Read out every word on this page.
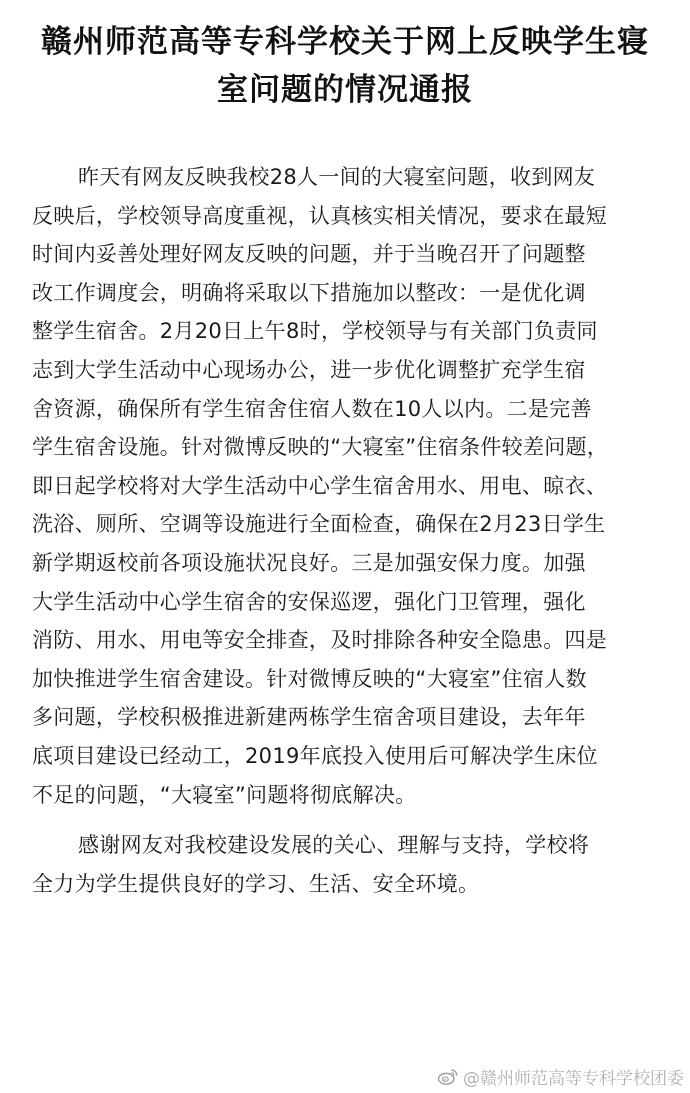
赣州师范高等专科学校关于网上反映学生寝
室问题的情况通报
昨天有网友反映我校28人一间的大寝室问题，收到网友
反映后，学校领导高度重视，认真核实相关情况，要求在最短
时间内妥善处理好网友反映的问题，并于当晚召开了问题整
改工作调度会，明确将采取以下措施加以整改：一是优化调
整学生宿舍。2月20日上午8时，学校领导与有关部门负责同
志到大学生活动中心现场办公，进一步优化调整扩充学生宿
舍资源，确保所有学生宿舍住宿人数在10人以内。二是完善
学生宿舍设施。针对微博反映的“大寝室”住宿条件较差问题，
即日起学校将对大学生活动中心学生宿舍用水、用电、晾衣、
洗浴、厕所、空调等设施进行全面检查，确保在2月23日学生
新学期返校前各项设施状况良好。三是加强安保力度。加强
大学生活动中心学生宿舍的安保巡逻，强化门卫管理，强化
消防、用水、用电等安全排查，及时排除各种安全隐患。四是
加快推进学生宿舍建设。针对微博反映的“大寝室”住宿人数
多问题，学校积极推进新建两栋学生宿舍项目建设，去年年
底项目建设已经动工，2019年底投入使用后可解决学生床位
不足的问题，“大寝室”问题将彻底解决。
感谢网友对我校建设发展的关心、理解与支持，学校将
全力为学生提供良好的学习、生活、安全环境。
@赣州师范高等专科学校团委
